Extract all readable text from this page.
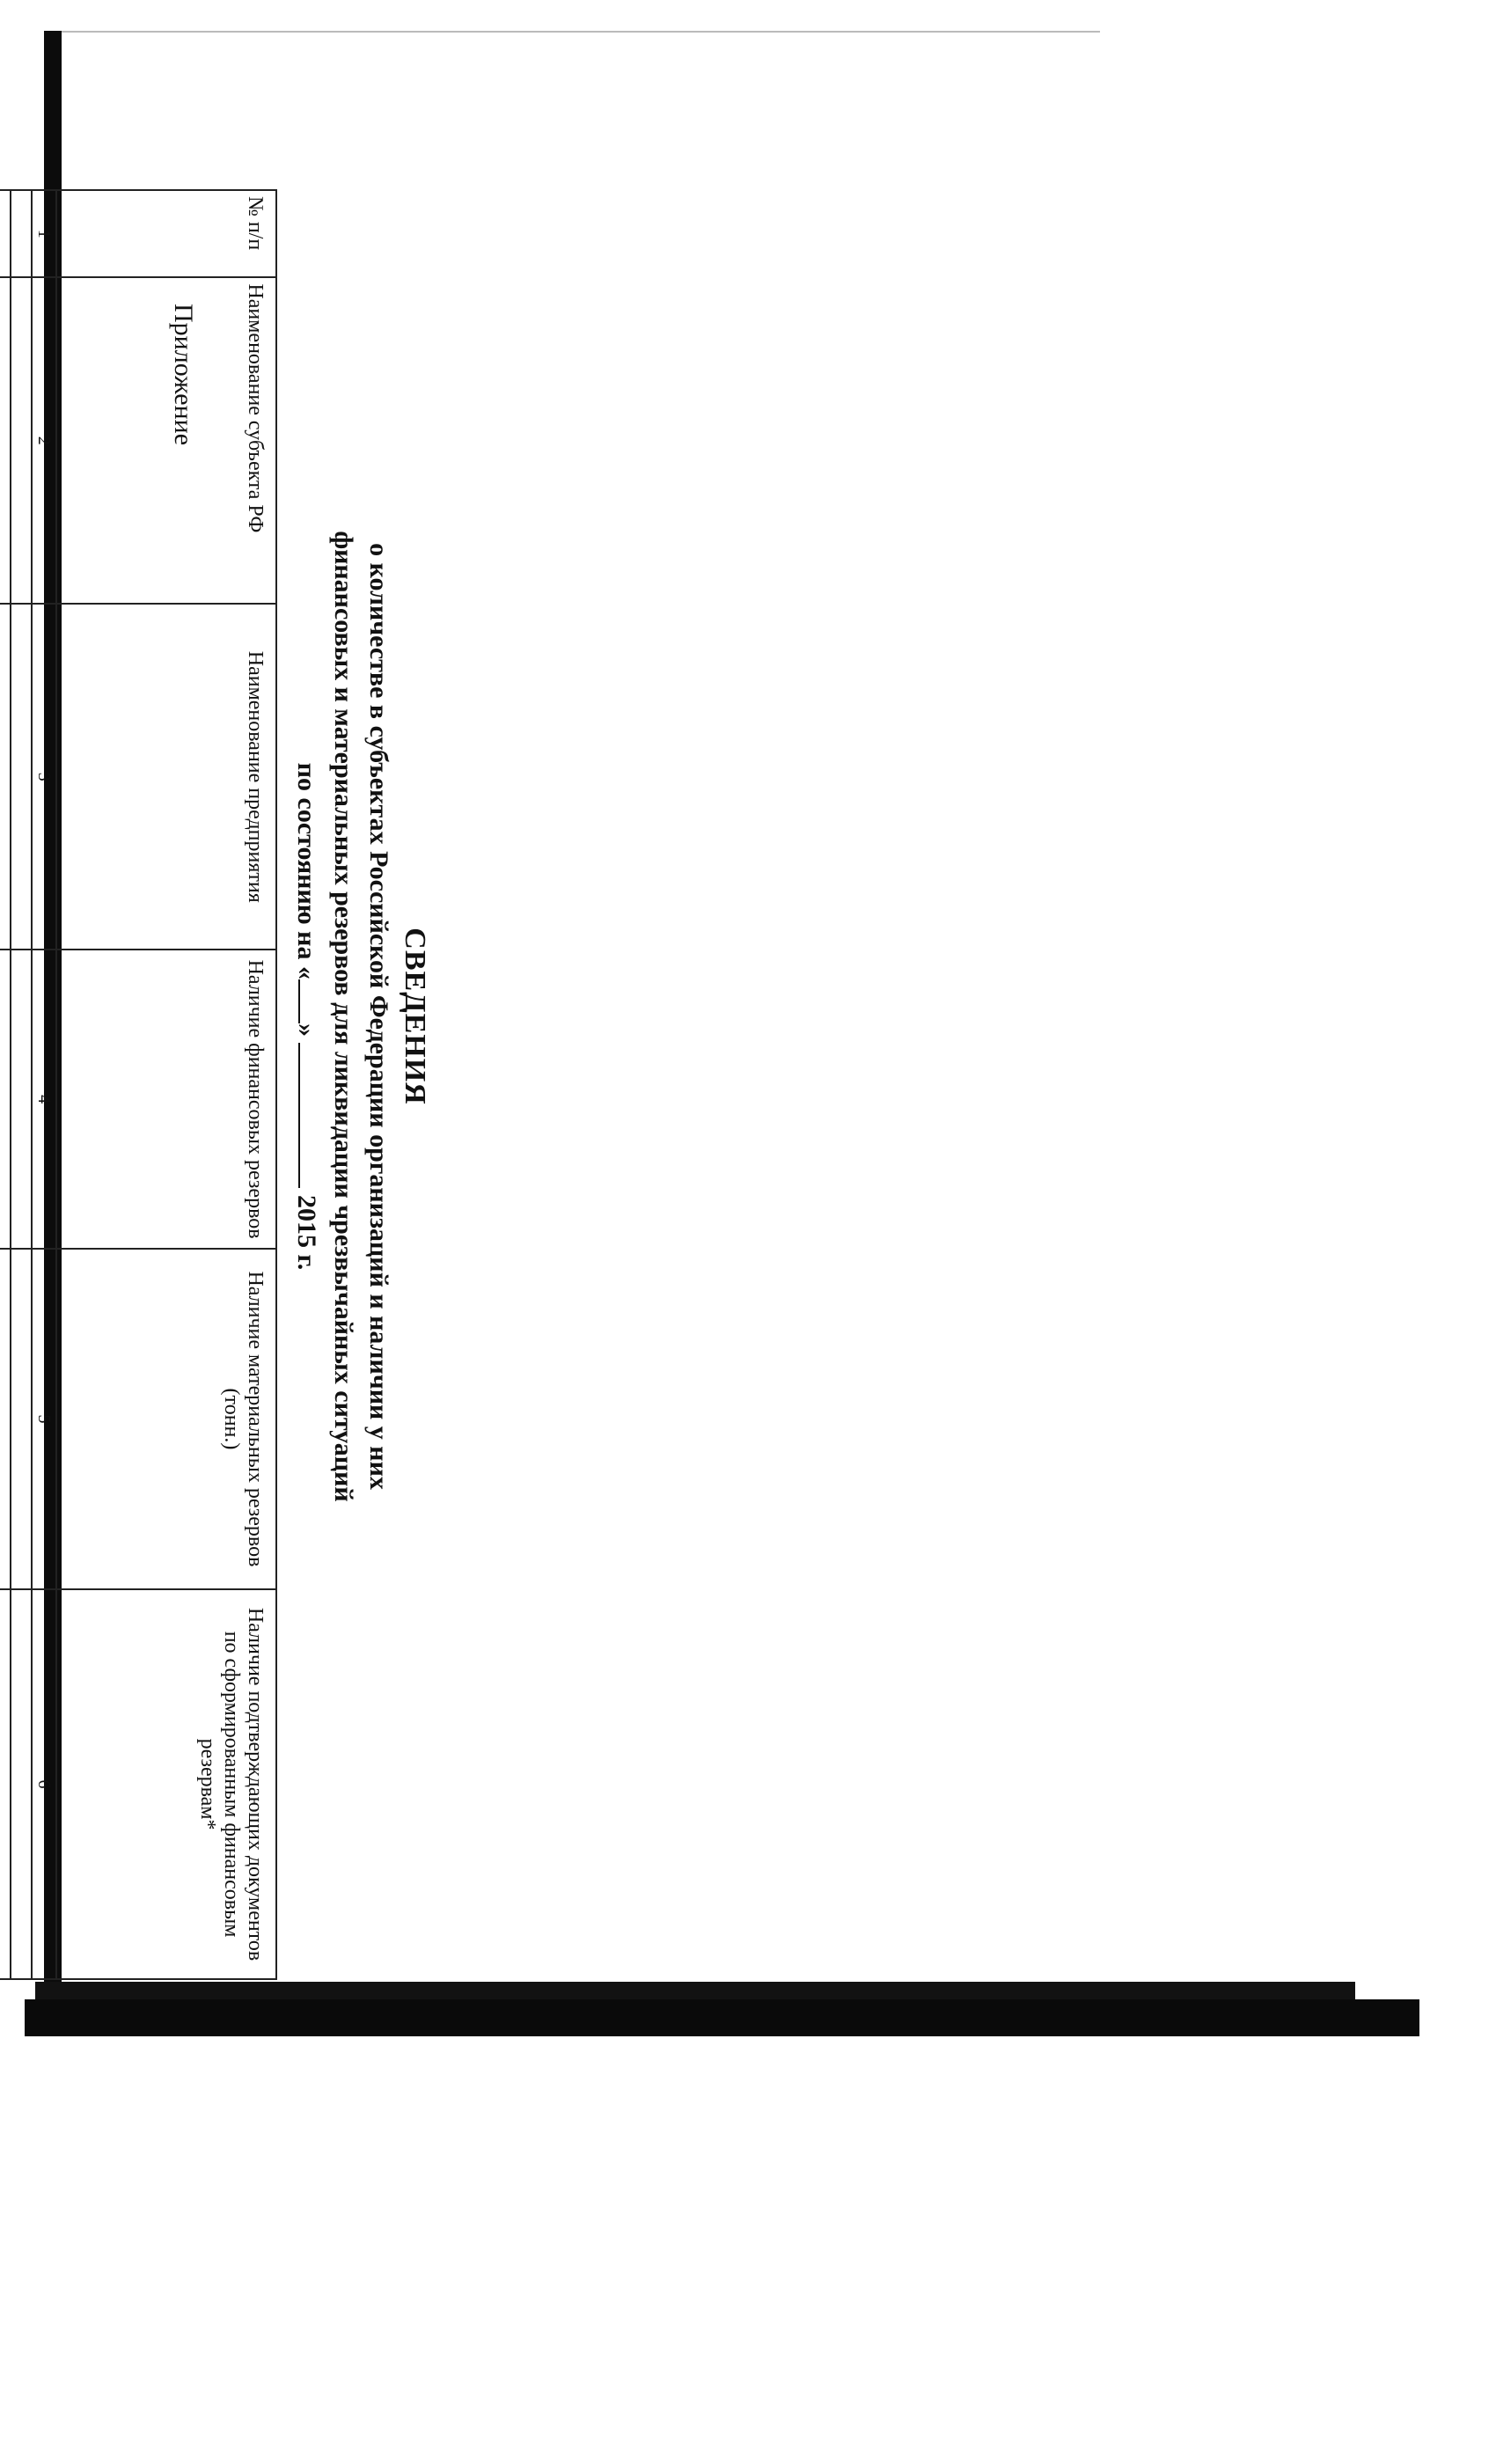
Приложение
СВЕДЕНИЯ
о количестве в субъектах Российской Федерации организаций и наличии у них
финансовых и материальных резервов для ликвидации чрезвычайных ситуаций
по состоянию на «»  2015 г.
№ п/п	Наименование субъекта РФ	Наименование предприятия	Наличие финансовых резервов	Наличие материальных резервов (тонн.)	Наличие подтверждающих документов по сформированным финансовым резервам*
1	2	3	4	5	6
